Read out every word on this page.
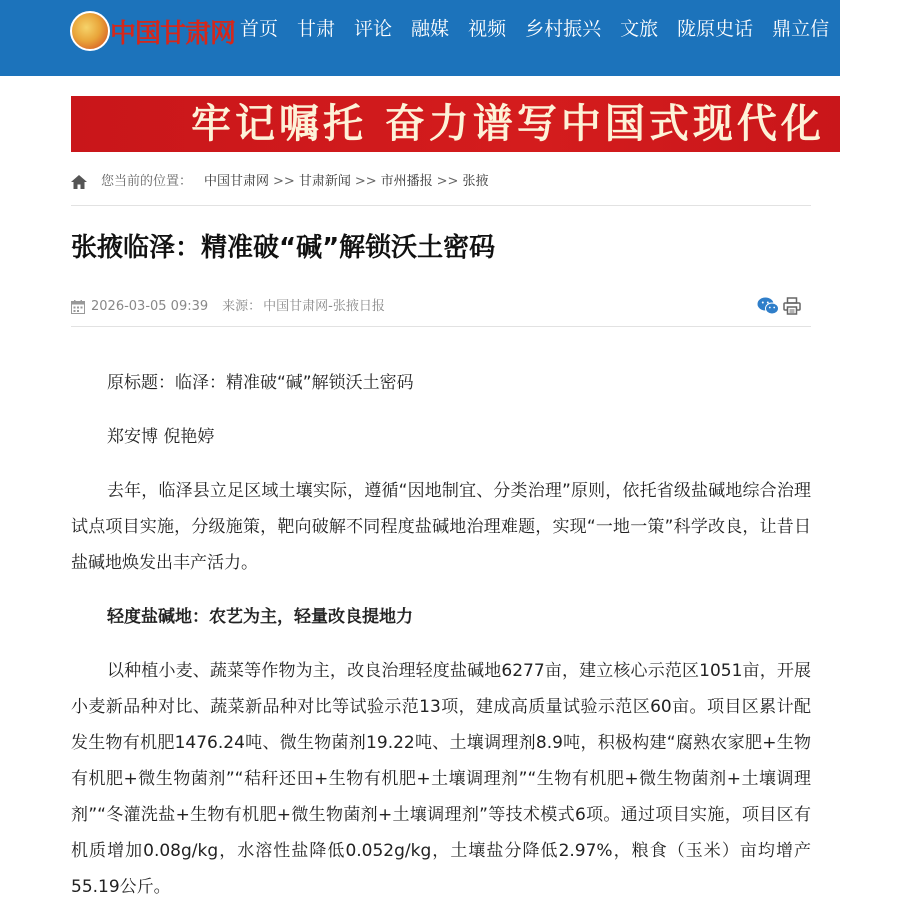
中国甘肃网 首页 甘肃 评论 融媒 视频 乡村振兴 文旅 陇原史话 鼎立信 舆情
牢记嘱托 奋力谱写中国式现代化
您当前的位置： 中国甘肃网 >> 甘肃新闻 >> 市州播报 >> 张掖
张掖临泽：精准破“碱”解锁沃土密码
2026-03-05 09:39 来源： 中国甘肃网-张掖日报

原标题：临泽：精准破“碱”解锁沃土密码

郑安博 倪艳婷

去年，临泽县立足区域土壤实际，遵循“因地制宜、分类治理”原则，依托省级盐碱地综合治理试点项目实施，分级施策，靶向破解不同程度盐碱地治理难题，实现“一地一策”科学改良，让昔日盐碱地焕发出丰产活力。

轻度盐碱地：农艺为主，轻量改良提地力

以种植小麦、蔬菜等作物为主，改良治理轻度盐碱地6277亩，建立核心示范区1051亩，开展小麦新品种对比、蔬菜新品种对比等试验示范13项，建成高质量试验示范区60亩。项目区累计配发生物有机肥1476.24吨、微生物菌剂19.22吨、土壤调理剂8.9吨，积极构建“腐熟农家肥+生物有机肥+微生物菌剂”“秸秆还田+生物有机肥+土壤调理剂”“生物有机肥+微生物菌剂+土壤调理剂”“冬灌洗盐+生物有机肥+微生物菌剂+土壤调理剂”等技术模式6项。通过项目实施，项目区有机质增加0.08g/kg，水溶性盐降低0.052g/kg，土壤盐分降低2.97%，粮食（玉米）亩均增产55.19公斤。
